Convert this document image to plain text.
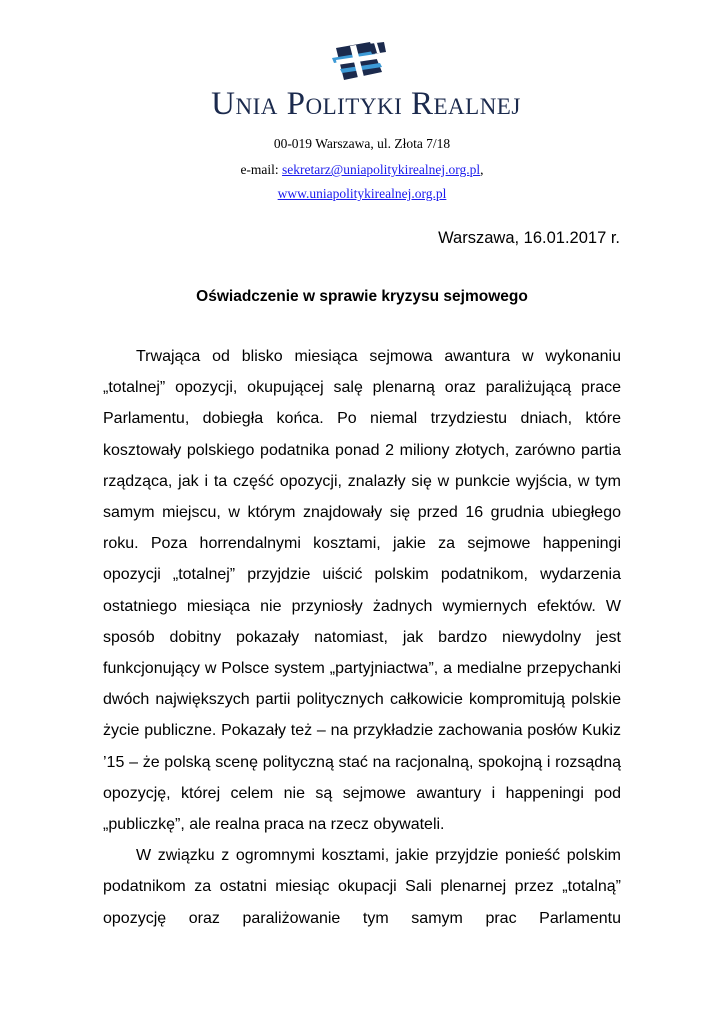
Unia Polityki Realnej
00-019 Warszawa, ul. Złota 7/18
e-mail: sekretarz@uniapolitykirealnej.org.pl,
www.uniapolitykirealnej.org.pl
Warszawa, 16.01.2017 r.
Oświadczenie w sprawie kryzysu sejmowego

Trwająca od blisko miesiąca sejmowa awantura w wykonaniu „totalnej” opozycji, okupującej salę plenarną oraz paraliżującą prace Parlamentu, dobiegła końca. Po niemal trzydziestu dniach, które kosztowały polskiego podatnika ponad 2 miliony złotych, zarówno partia rządząca, jak i ta część opozycji, znalazły się w punkcie wyjścia, w tym samym miejscu, w którym znajdowały się przed 16 grudnia ubiegłego roku. Poza horrendalnymi kosztami, jakie za sejmowe happeningi opozycji „totalnej” przyjdzie uiścić polskim podatnikom, wydarzenia ostatniego miesiąca nie przyniosły żadnych wymiernych efektów. W sposób dobitny pokazały natomiast, jak bardzo niewydolny jest funkcjonujący w Polsce system „partyjniactwa”, a medialne przepychanki dwóch największych partii politycznych całkowicie kompromitują polskie życie publiczne. Pokazały też – na przykładzie zachowania posłów Kukiz ’15 – że polską scenę polityczną stać na racjonalną, spokojną i rozsądną opozycję, której celem nie są sejmowe awantury i happeningi pod „publiczkę”, ale realna praca na rzecz obywateli.

W związku z ogromnymi kosztami, jakie przyjdzie ponieść polskim podatnikom za ostatni miesiąc okupacji Sali plenarnej przez „totalną” opozycję oraz paraliżowanie tym samym prac Parlamentu
